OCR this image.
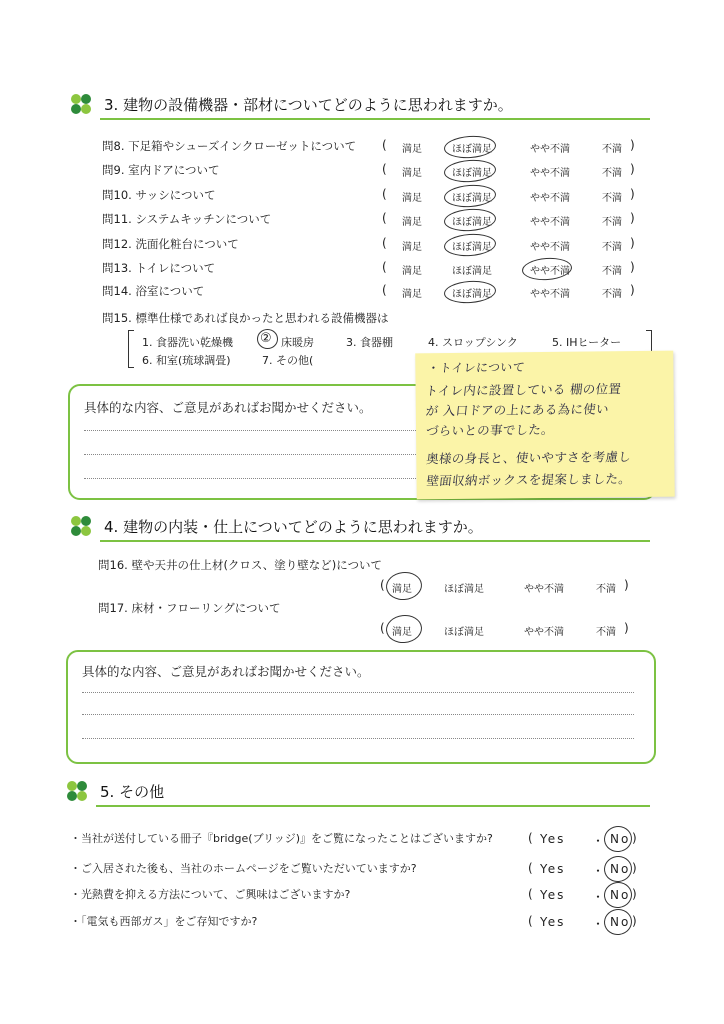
3. 建物の設備機器・部材についてどのように思われますか。
問8. 下足箱やシューズインクローゼットについて (	)
満足	ほぼ満足	やや不満	不満
問9. 室内ドアについて	(	)
満足	ほぼ満足	やや不満	不満
問10. サッシについて	(	)
満足	ほぼ満足	やや不満	不満
問11. システムキッチンについて	(	)
満足	ほぼ満足	やや不満	不満
問12. 洗面化粧台について	(	)
満足	ほぼ満足	やや不満	不満
問13. トイレについて	(	)
満足	ほぼ満足	やや不満	不満
問14. 浴室について	(	)
満足	ほぼ満足	やや不満	不満
問15. 標準仕様であれば良かったと思われる設備機器は
1. 食器洗い乾燥機 ② 床暖房	3. 食器棚	4. スロップシンク	5. IHヒーター
6. 和室(琉球調畳)	7. その他(
具体的な内容、ご意見があればお聞かせください。
・トイレについて
トイレ内に設置している 棚の位置
が 入口ドアの上にある為に使い
づらいとの事でした。
奥様の身長と、使いやすさを考慮し
壁面収納ボックスを提案しました。
4. 建物の内装・仕上についてどのように思われますか。
問16. 壁や天井の仕上材(クロス、塗り壁など)について
(	)
満足	ほぼ満足	やや不満	不満
問17. 床材・フローリングについて
(	)
満足	ほぼ満足	やや不満	不満
具体的な内容、ご意見があればお聞かせください。
5. その他
・当社が送付している冊子『bridge(ブリッジ)』をご覧になったことはございますか?	( Yes ・ No )
・ご入居された後も、当社のホームページをご覧いただいていますか?	( Yes ・ No )
・光熱費を抑える方法について、ご興味はございますか?	( Yes ・ No )
・「電気も西部ガス」をご存知ですか?	( Yes ・ No )
